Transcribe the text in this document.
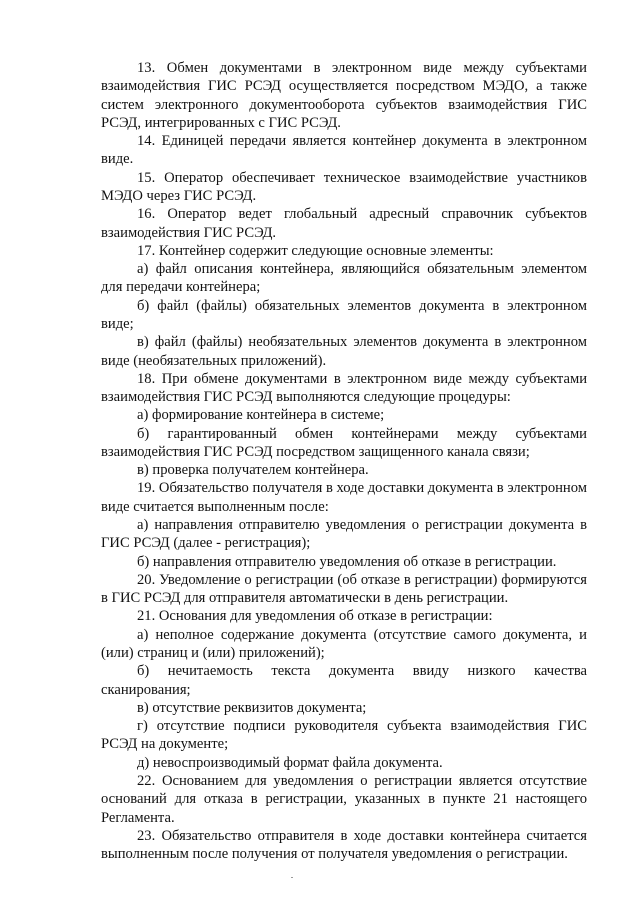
13. Обмен документами в электронном виде между субъектами взаимодействия ГИС РСЭД осуществляется посредством МЭДО, а также систем электронного документооборота субъектов взаимодействия ГИС РСЭД, интегрированных с ГИС РСЭД.

14. Единицей передачи является контейнер документа в электронном виде.

15. Оператор обеспечивает техническое взаимодействие участников МЭДО через ГИС РСЭД.

16. Оператор ведет глобальный адресный справочник субъектов взаимодействия ГИС РСЭД.

17. Контейнер содержит следующие основные элементы:

а) файл описания контейнера, являющийся обязательным элементом для передачи контейнера;

б) файл (файлы) обязательных элементов документа в электронном виде;

в) файл (файлы) необязательных элементов документа в электронном виде (необязательных приложений).

18. При обмене документами в электронном виде между субъектами взаимодействия ГИС РСЭД выполняются следующие процедуры:

а) формирование контейнера в системе;

б) гарантированный обмен контейнерами между субъектами взаимодействия ГИС РСЭД посредством защищенного канала связи;

в) проверка получателем контейнера.

19. Обязательство получателя в ходе доставки документа в электронном виде считается выполненным после:

а) направления отправителю уведомления о регистрации документа в ГИС РСЭД (далее - регистрация);

б) направления отправителю уведомления об отказе в регистрации.

20. Уведомление о регистрации (об отказе в регистрации) формируются в ГИС РСЭД для отправителя автоматически в день регистрации.

21. Основания для уведомления об отказе в регистрации:

а) неполное содержание документа (отсутствие самого документа, и (или) страниц и (или) приложений);

б) нечитаемость текста документа ввиду низкого качества сканирования;

в) отсутствие реквизитов документа;

г) отсутствие подписи руководителя субъекта взаимодействия ГИС РСЭД на документе;

д) невоспроизводимый формат файла документа.

22. Основанием для уведомления о регистрации является отсутствие оснований для отказа в регистрации, указанных в пункте 21 настоящего Регламента.

23. Обязательство отправителя в ходе доставки контейнера считается выполненным после получения от получателя уведомления о регистрации.
